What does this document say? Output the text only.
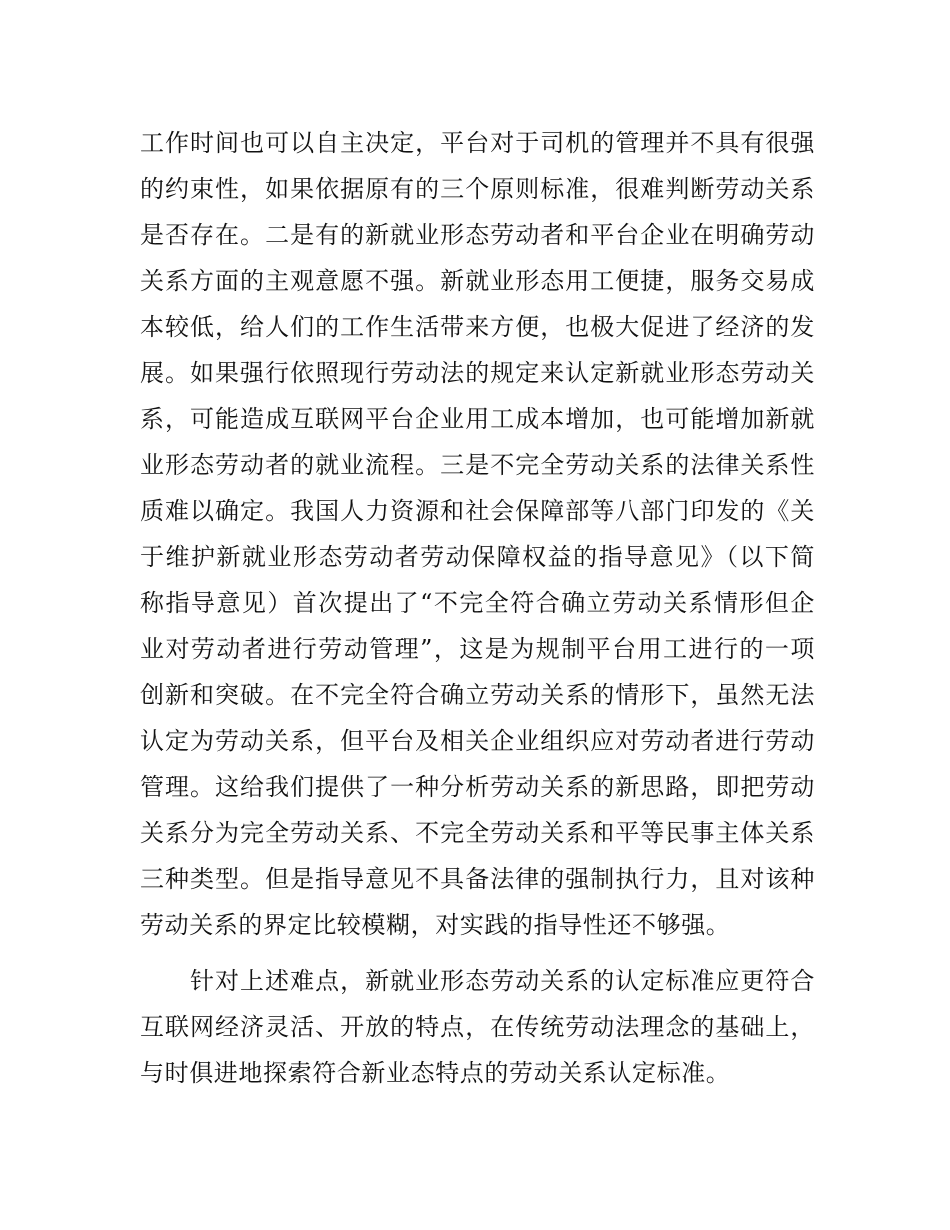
工作时间也可以自主决定，平台对于司机的管理并不具有很强
的约束性，如果依据原有的三个原则标准，很难判断劳动关系
是否存在。二是有的新就业形态劳动者和平台企业在明确劳动
关系方面的主观意愿不强。新就业形态用工便捷，服务交易成
本较低，给人们的工作生活带来方便，也极大促进了经济的发
展。如果强行依照现行劳动法的规定来认定新就业形态劳动关
系，可能造成互联网平台企业用工成本增加，也可能增加新就
业形态劳动者的就业流程。三是不完全劳动关系的法律关系性
质难以确定。我国人力资源和社会保障部等八部门印发的《关
于维护新就业形态劳动者劳动保障权益的指导意见》（以下简
称指导意见）首次提出了“不完全符合确立劳动关系情形但企
业对劳动者进行劳动管理”，这是为规制平台用工进行的一项
创新和突破。在不完全符合确立劳动关系的情形下，虽然无法
认定为劳动关系，但平台及相关企业组织应对劳动者进行劳动
管理。这给我们提供了一种分析劳动关系的新思路，即把劳动
关系分为完全劳动关系、不完全劳动关系和平等民事主体关系
三种类型。但是指导意见不具备法律的强制执行力，且对该种
劳动关系的界定比较模糊，对实践的指导性还不够强。
针对上述难点，新就业形态劳动关系的认定标准应更符合
互联网经济灵活、开放的特点，在传统劳动法理念的基础上，
与时俱进地探索符合新业态特点的劳动关系认定标准。
